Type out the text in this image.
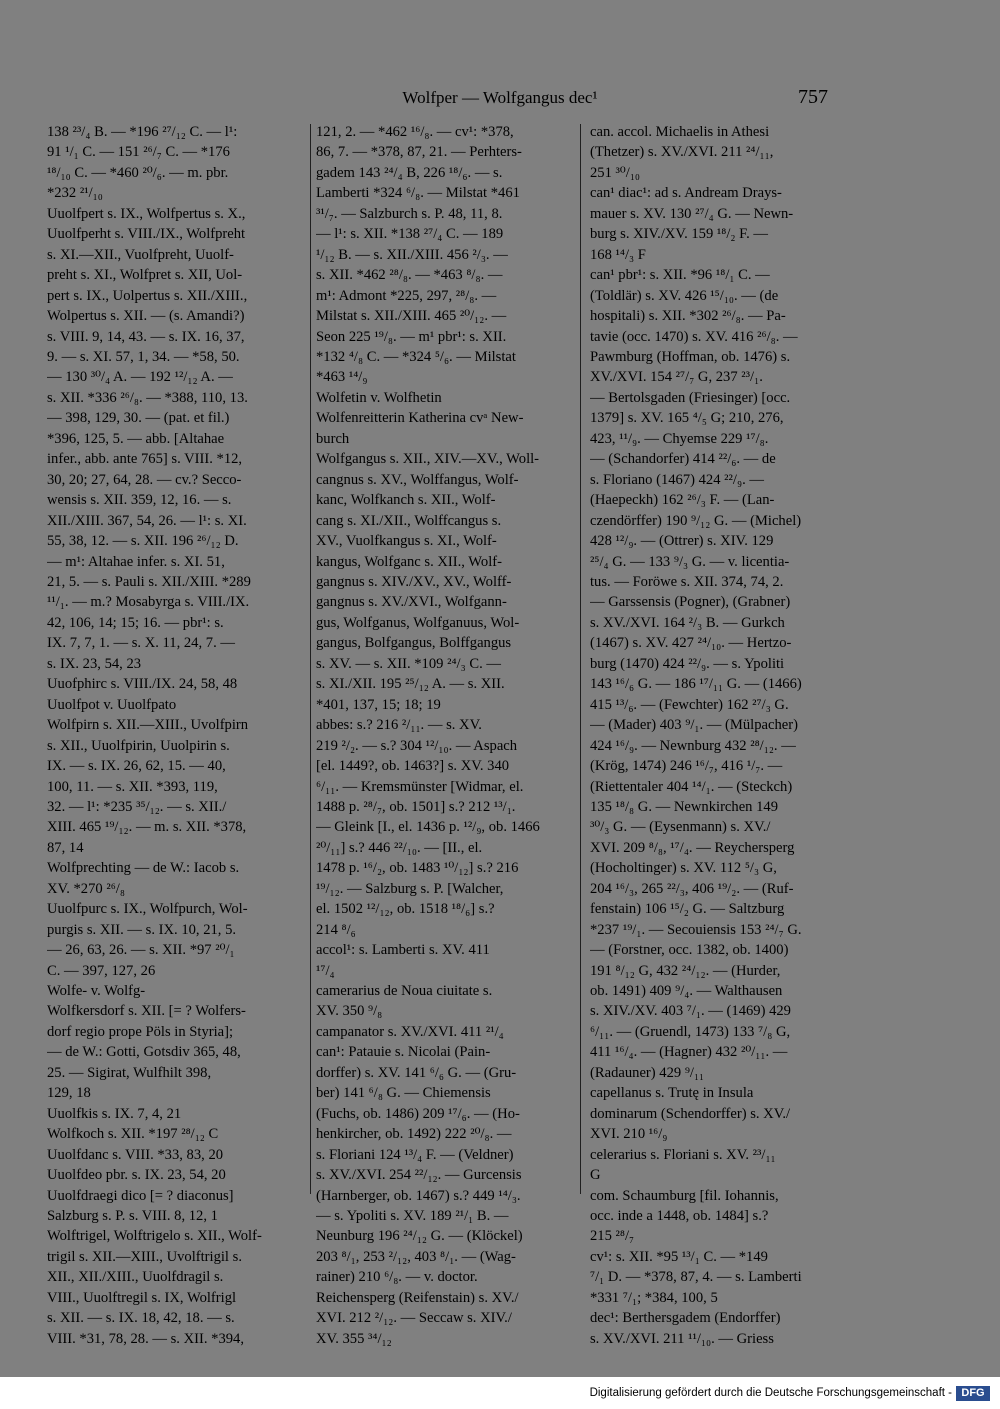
Wolfper — Wolfgangus dec¹	757
138 ²³/₄ B. — *196 ²⁷/₁₂ C. — l¹:
91 ¹/₁ C. — 151 ²⁶/₇ C. — *176
¹⁸/₁₀ C. — *460 ²⁰/₆. — m. pbr.
*232 ²¹/₁₀
Uuolfpert s. IX., Wolfpertus s. X.,
Uuolfperht s. VIII./IX., Wolfpreht
s. XI.—XII., Vuolfpreht, Uuolf-
preht s. XI., Wolfpret s. XII, Uol-
pert s. IX., Uolpertus s. XII./XIII.,
Wolpertus s. XII. — (s. Amandi?)
s. VIII. 9, 14, 43. — s. IX. 16, 37,
9. — s. XI. 57, 1, 34. — *58, 50.
— 130 ³⁰/₄ A. — 192 ¹²/₁₂ A. —
s. XII. *336 ²⁶/₈. — *388, 110, 13.
— 398, 129, 30. — (pat. et fil.)
*396, 125, 5. — abb. [Altahae
infer., abb. ante 765] s. VIII. *12,
30, 20; 27, 64, 28. — cv.? Secco-
wensis s. XII. 359, 12, 16. — s.
XII./XIII. 367, 54, 26. — l¹: s. XI.
55, 38, 12. — s. XII. 196 ²⁶/₁₂ D.
— m¹: Altahae infer. s. XI. 51,
21, 5. — s. Pauli s. XII./XIII. *289
¹¹/₁. — m.? Mosabyrga s. VIII./IX.
42, 106, 14; 15; 16. — pbr¹: s.
IX. 7, 7, 1. — s. X. 11, 24, 7. —
s. IX. 23, 54, 23
Uuofphirc s. VIII./IX. 24, 58, 48
Uuolfpot v. Uuolfpato
Wolfpirn s. XII.—XIII., Uvolfpirn
s. XII., Uuolfpirin, Uuolpirin s.
IX. — s. IX. 26, 62, 15. — 40,
100, 11. — s. XII. *393, 119,
32. — l¹: *235 ³⁵/₁₂. — s. XII./
XIII. 465 ¹⁹/₁₂. — m. s. XII. *378,
87, 14
Wolfprechting — de W.: Iacob s.
XV. *270 ²⁶/₈
Uuolfpurc s. IX., Wolfpurch, Wol-
purgis s. XII. — s. IX. 10, 21, 5.
— 26, 63, 26. — s. XII. *97 ²⁰/₁
C. — 397, 127, 26
Wolfe- v. Wolfg-
Wolfkersdorf s. XII. [= ? Wolfers-
dorf regio prope Pöls in Styria];
— de W.: Gotti, Gotsdiv 365, 48,
25. — Sigirat, Wulfhilt 398,
129, 18
Uuolfkis s. IX. 7, 4, 21
Wolfkoch s. XII. *197 ²⁸/₁₂ C
Uuolfdanc s. VIII. *33, 83, 20
Uuolfdeo pbr. s. IX. 23, 54, 20
Uuolfdraegi dico [= ? diaconus]
Salzburg s. P. s. VIII. 8, 12, 1
Wolftrigel, Wolftrigelo s. XII., Wolf-
trigil s. XII.—XIII., Uvolftrigil s.
XII., XII./XIII., Uuolfdragil s.
VIII., Uuolftregil s. IX, Wolfrigl
s. XII. — s. IX. 18, 42, 18. — s.
VIII. *31, 78, 28. — s. XII. *394,
121, 2. — *462 ¹⁶/₈. — cv¹: *378,
86, 7. — *378, 87, 21. — Perhters-
gadem 143 ²⁴/₄ B, 226 ¹⁸/₆. — s.
Lamberti *324 ⁶/₈. — Milstat *461
³¹/₇. — Salzburch s. P. 48, 11, 8.
— l¹: s. XII. *138 ²⁷/₄ C. — 189
¹/₁₂ B. — s. XII./XIII. 456 ²/₃. —
s. XII. *462 ²⁸/₈. — *463 ⁸/₈. —
m¹: Admont *225, 297, ²⁸/₈. —
Milstat s. XII./XIII. 465 ²⁰/₁₂. —
Seon 225 ¹⁹/₈. — m¹ pbr¹: s. XII.
*132 ⁴/₈ C. — *324 ⁵/₆. — Milstat
*463 ¹⁴/₉
Wolfetin v. Wolfhetin
Wolfenreitterin Katherina cvᵃ New-
burch
Wolfgangus s. XII., XIV.—XV., Woll-
cangnus s. XV., Wolffangus, Wolf-
kanc, Wolfkanch s. XII., Wolf-
cang s. XI./XII., Wolffcangus s.
XV., Vuolfkangus s. XI., Wolf-
kangus, Wolfganc s. XII., Wolf-
gangnus s. XIV./XV., XV., Wolff-
gangnus s. XV./XVI., Wolfgann-
gus, Wolfganus, Wolfganuus, Wol-
gangus, Bolfgangus, Bolffgangus
s. XV. — s. XII. *109 ²⁴/₃ C. —
s. XI./XII. 195 ²⁵/₁₂ A. — s. XII.
*401, 137, 15; 18; 19
abbes: s.? 216 ²/₁₁. — s. XV.
219 ²/₂. — s.? 304 ¹²/₁₀. — Aspach
[el. 1449?, ob. 1463?] s. XV. 340
⁶/₁₁. — Kremsmünster [Widmar, el.
1488 p. ²⁸/₇, ob. 1501] s.? 212 ¹³/₁.
— Gleink [I., el. 1436 p. ¹²/₉, ob. 1466
²⁰/₁₁] s.? 446 ²²/₁₀. — [II., el.
1478 p. ¹⁶/₂, ob. 1483 ¹⁰/₁₂] s.? 216
¹⁹/₁₂. — Salzburg s. P. [Walcher,
el. 1502 ¹²/₁₂, ob. 1518 ¹⁸/₆] s.?
214 ⁸/₆
accol¹: s. Lamberti s. XV. 411
¹⁷/₄
camerarius de Noua ciuitate s.
XV. 350 ⁹/₈
campanator s. XV./XVI. 411 ²¹/₄
can¹: Patauie s. Nicolai (Pain-
dorffer) s. XV. 141 ⁶/₆ G. — (Gru-
ber) 141 ⁶/₈ G. — Chiemensis
(Fuchs, ob. 1486) 209 ¹⁷/₆. — (Ho-
henkircher, ob. 1492) 222 ²⁰/₈. —
s. Floriani 124 ¹³/₄ F. — (Veldner)
s. XV./XVI. 254 ²²/₁₂. — Gurcensis
(Harnberger, ob. 1467) s.? 449 ¹⁴/₃.
— s. Ypoliti s. XV. 189 ²¹/₁ B. —
Neunburg 196 ²⁴/₁₂ G. — (Klöckel)
203 ⁸/₁, 253 ²/₁₂, 403 ⁸/₁. — (Wag-
rainer) 210 ⁶/₈. — v. doctor.
Reichensperg (Reifenstain) s. XV./
XVI. 212 ²/₁₂. — Seccaw s. XIV./
XV. 355 ³⁴/₁₂
can. accol. Michaelis in Athesi
(Thetzer) s. XV./XVI. 211 ²⁴/₁₁,
251 ³⁰/₁₀
can¹ diac¹: ad s. Andream Drays-
mauer s. XV. 130 ²⁷/₄ G. — Newn-
burg s. XIV./XV. 159 ¹⁸/₂ F. —
168 ¹⁴/₃ F
can¹ pbr¹: s. XII. *96 ¹⁸/₁ C. —
(Toldlär) s. XV. 426 ¹⁵/₁₀. — (de
hospitali) s. XII. *302 ²⁶/₈. — Pa-
tavie (occ. 1470) s. XV. 416 ²⁶/₈. —
Pawmburg (Hoffman, ob. 1476) s.
XV./XVI. 154 ²⁷/₇ G, 237 ²³/₁.
— Bertolsgaden (Friesinger) [occ.
1379] s. XV. 165 ⁴/₅ G; 210, 276,
423, ¹¹/₉. — Chyemse 229 ¹⁷/₈.
— (Schandorfer) 414 ²²/₆. — de
s. Floriano (1467) 424 ²²/₉. —
(Haepeckh) 162 ²⁶/₃ F. — (Lan-
czendörffer) 190 ⁹/₁₂ G. — (Michel)
428 ¹²/₉. — (Ottrer) s. XIV. 129
²⁵/₄ G. — 133 ⁹/₃ G. — v. licentia-
tus. — Foröwe s. XII. 374, 74, 2.
— Garssensis (Pogner), (Grabner)
s. XV./XVI. 164 ²/₃ B. — Gurkch
(1467) s. XV. 427 ²⁴/₁₀. — Hertzo-
burg (1470) 424 ²²/₉. — s. Ypoliti
143 ¹⁶/₆ G. — 186 ¹⁷/₁₁ G. — (1466)
415 ¹³/₆. — (Fewchter) 162 ²⁷/₃ G.
— (Mader) 403 ⁹/₁. — (Mülpacher)
424 ¹⁶/₉. — Newnburg 432 ²⁸/₁₂. —
(Krög, 1474) 246 ¹⁶/₇, 416 ¹/₇. —
(Riettentaler 404 ¹⁴/₁. — (Steckch)
135 ¹⁸/₈ G. — Newnkirchen 149
³⁰/₃ G. — (Eysenmann) s. XV./
XVI. 209 ⁸/₈, ¹⁷/₄. — Reychersperg
(Hocholtinger) s. XV. 112 ⁵/₃ G,
204 ¹⁶/₃, 265 ²²/₃, 406 ¹⁹/₂. — (Ruf-
fenstain) 106 ¹⁵/₂ G. — Saltzburg
*237 ¹⁹/₁. — Secouiensis 153 ²⁴/₇ G.
— (Forstner, occ. 1382, ob. 1400)
191 ⁸/₁₂ G, 432 ²⁴/₁₂. — (Hurder,
ob. 1491) 409 ⁹/₄. — Walthausen
s. XIV./XV. 403 ⁷/₁. — (1469) 429
⁶/₁₁. — (Gruendl, 1473) 133 ⁷/₈ G,
411 ¹⁶/₄. — (Hagner) 432 ²⁰/₁₁. —
(Radauner) 429 ⁹/₁₁
capellanus s. Trutę in Insula
dominarum (Schendorffer) s. XV./
XVI. 210 ¹⁶/₉
celerarius s. Floriani s. XV. ²³/₁₁
G
com. Schaumburg [fil. Iohannis,
occ. inde a 1448, ob. 1484] s.?
215 ²⁸/₇
cv¹: s. XII. *95 ¹³/₁ C. — *149
⁷/₁ D. — *378, 87, 4. — s. Lamberti
*331 ⁷/₁; *384, 100, 5
dec¹: Berthersgadem (Endorffer)
s. XV./XVI. 211 ¹¹/₁₀. — Griess
Digitalisierung gefördert durch die Deutsche Forschungsgemeinschaft - DFG
